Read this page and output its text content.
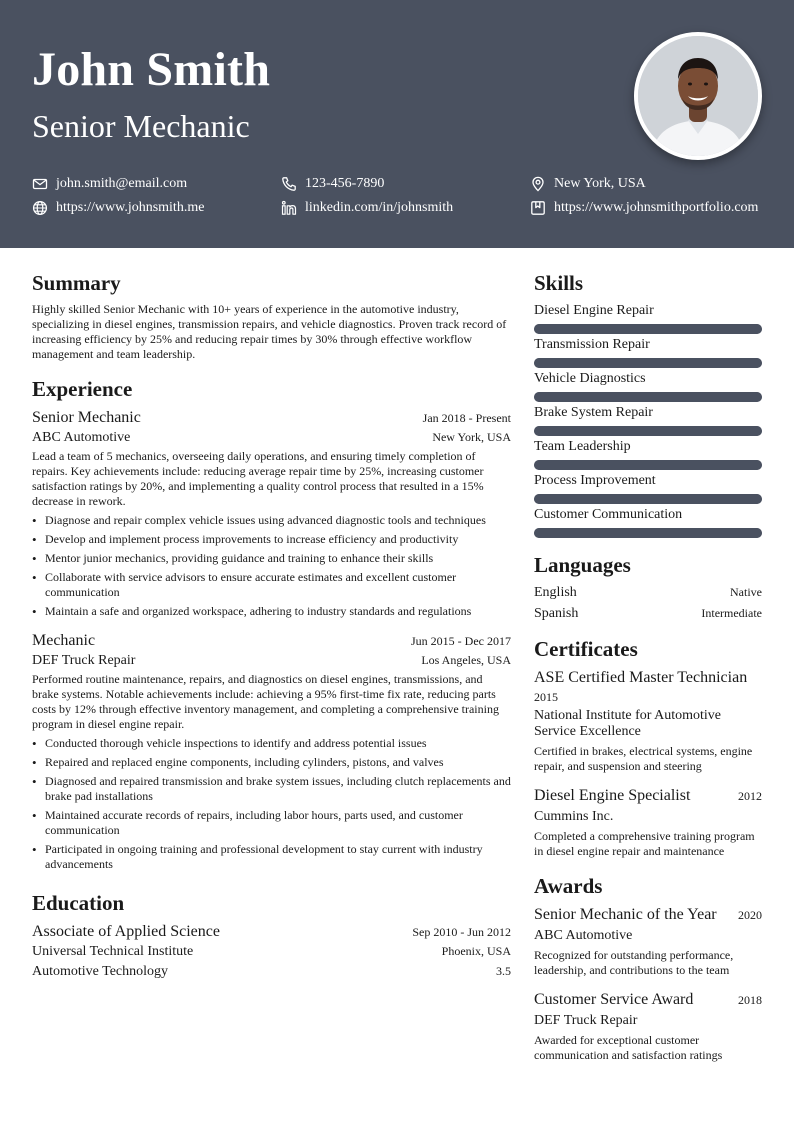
John Smith
Senior Mechanic
john.smith@email.com	123-456-7890	New York, USA
https://www.johnsmith.me	linkedin.com/in/johnsmith	https://www.johnsmithportfolio.com
Summary

Highly skilled Senior Mechanic with 10+ years of experience in the automotive industry, specializing in diesel engines, transmission repairs, and vehicle diagnostics. Proven track record of increasing efficiency by 25% and reducing repair times by 30% through effective workflow management and team leadership.

Experience
Senior Mechanic	Jan 2018 - Present
ABC Automotive	New York, USA

Lead a team of 5 mechanics, overseeing daily operations, and ensuring timely completion of repairs. Key achievements include: reducing average repair time by 25%, increasing customer satisfaction ratings by 20%, and implementing a quality control process that resulted in a 15% decrease in rework.

• Diagnose and repair complex vehicle issues using advanced diagnostic tools and techniques
• Develop and implement process improvements to increase efficiency and productivity
• Mentor junior mechanics, providing guidance and training to enhance their skills
• Collaborate with service advisors to ensure accurate estimates and excellent customer communication
• Maintain a safe and organized workspace, adhering to industry standards and regulations
Mechanic	Jun 2015 - Dec 2017
DEF Truck Repair	Los Angeles, USA

Performed routine maintenance, repairs, and diagnostics on diesel engines, transmissions, and brake systems. Notable achievements include: achieving a 95% first-time fix rate, reducing parts costs by 12% through effective inventory management, and completing a comprehensive training program in diesel engine repair.

• Conducted thorough vehicle inspections to identify and address potential issues
• Repaired and replaced engine components, including cylinders, pistons, and valves
• Diagnosed and repaired transmission and brake system issues, including clutch replacements and brake pad installations
• Maintained accurate records of repairs, including labor hours, parts used, and customer communication
• Participated in ongoing training and professional development to stay current with industry advancements
Education
Associate of Applied Science	Sep 2010 - Jun 2012
Universal Technical Institute	Phoenix, USA
Automotive Technology	3.5
Skills
Diesel Engine Repair
Transmission Repair
Vehicle Diagnostics
Brake System Repair
Team Leadership
Process Improvement
Customer Communication
Languages
English	Native
Spanish	Intermediate
Certificates
ASE Certified Master Technician
2015
National Institute for Automotive Service Excellence
Certified in brakes, electrical systems, engine repair, and suspension and steering
Diesel Engine Specialist	2012
Cummins Inc.
Completed a comprehensive training program in diesel engine repair and maintenance
Awards
Senior Mechanic of the Year 2020
ABC Automotive
Recognized for outstanding performance, leadership, and contributions to the team
Customer Service Award	2018
DEF Truck Repair
Awarded for exceptional customer communication and satisfaction ratings
